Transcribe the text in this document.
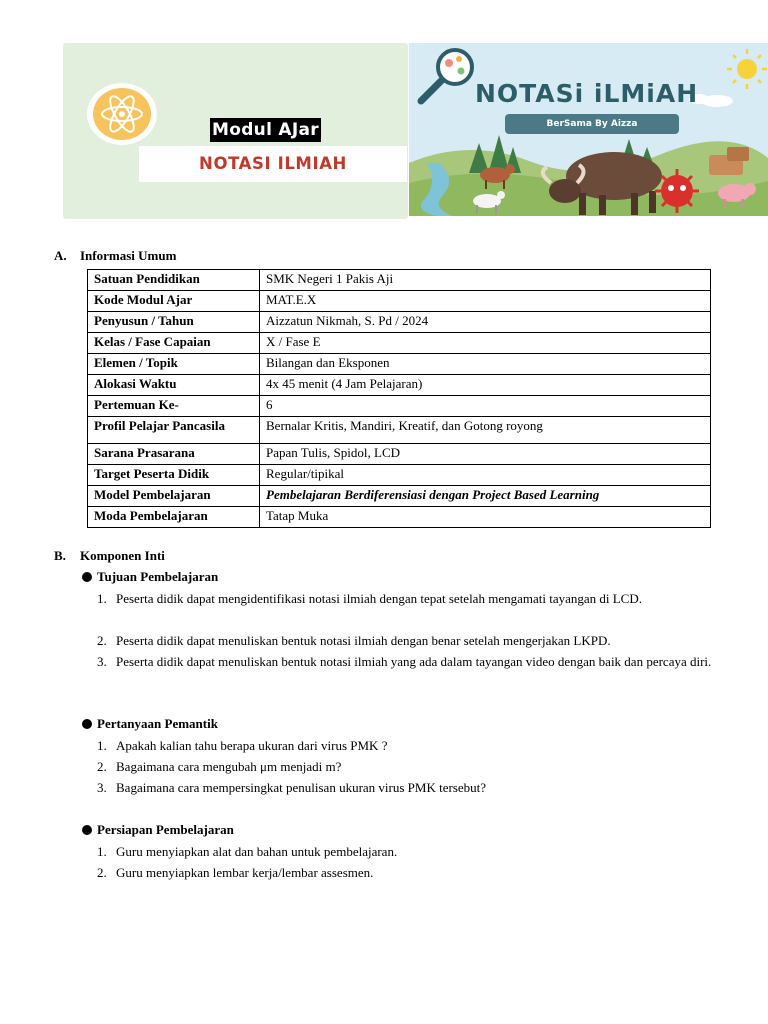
Modul AJar
NOTASI ILMIAH
NOTASi iLMiAH
BerSama By Aizza
A. Informasi Umum
Satuan Pendidikan	SMK Negeri 1 Pakis Aji
Kode Modul Ajar	MAT.E.X
Penyusun / Tahun	Aizzatun Nikmah, S. Pd / 2024
Kelas / Fase Capaian	X / Fase E
Elemen / Topik	Bilangan dan Eksponen
Alokasi Waktu	4x 45 menit (4 Jam Pelajaran)
Pertemuan Ke-	6
Profil Pelajar Pancasila	Bernalar Kritis, Mandiri, Kreatif, dan Gotong royong
Sarana Prasarana	Papan Tulis, Spidol, LCD
Target Peserta Didik	Regular/tipikal
Model Pembelajaran	Pembelajaran Berdiferensiasi dengan Project Based Learning
Moda Pembelajaran	Tatap Muka
B. Komponen Inti
Tujuan Pembelajaran
1. Peserta didik dapat mengidentifikasi notasi ilmiah dengan tepat setelah mengamati tayangan di LCD.
2. Peserta didik dapat menuliskan bentuk notasi ilmiah dengan benar setelah mengerjakan LKPD.
3. Peserta didik dapat menuliskan bentuk notasi ilmiah yang ada dalam tayangan video dengan baik dan percaya diri.
Pertanyaan Pemantik
1. Apakah kalian tahu berapa ukuran dari virus PMK ?
2. Bagaimana cara mengubah μm menjadi m?
3. Bagaimana cara mempersingkat penulisan ukuran virus PMK tersebut?
Persiapan Pembelajaran
1. Guru menyiapkan alat dan bahan untuk pembelajaran.
2. Guru menyiapkan lembar kerja/lembar assesmen.
